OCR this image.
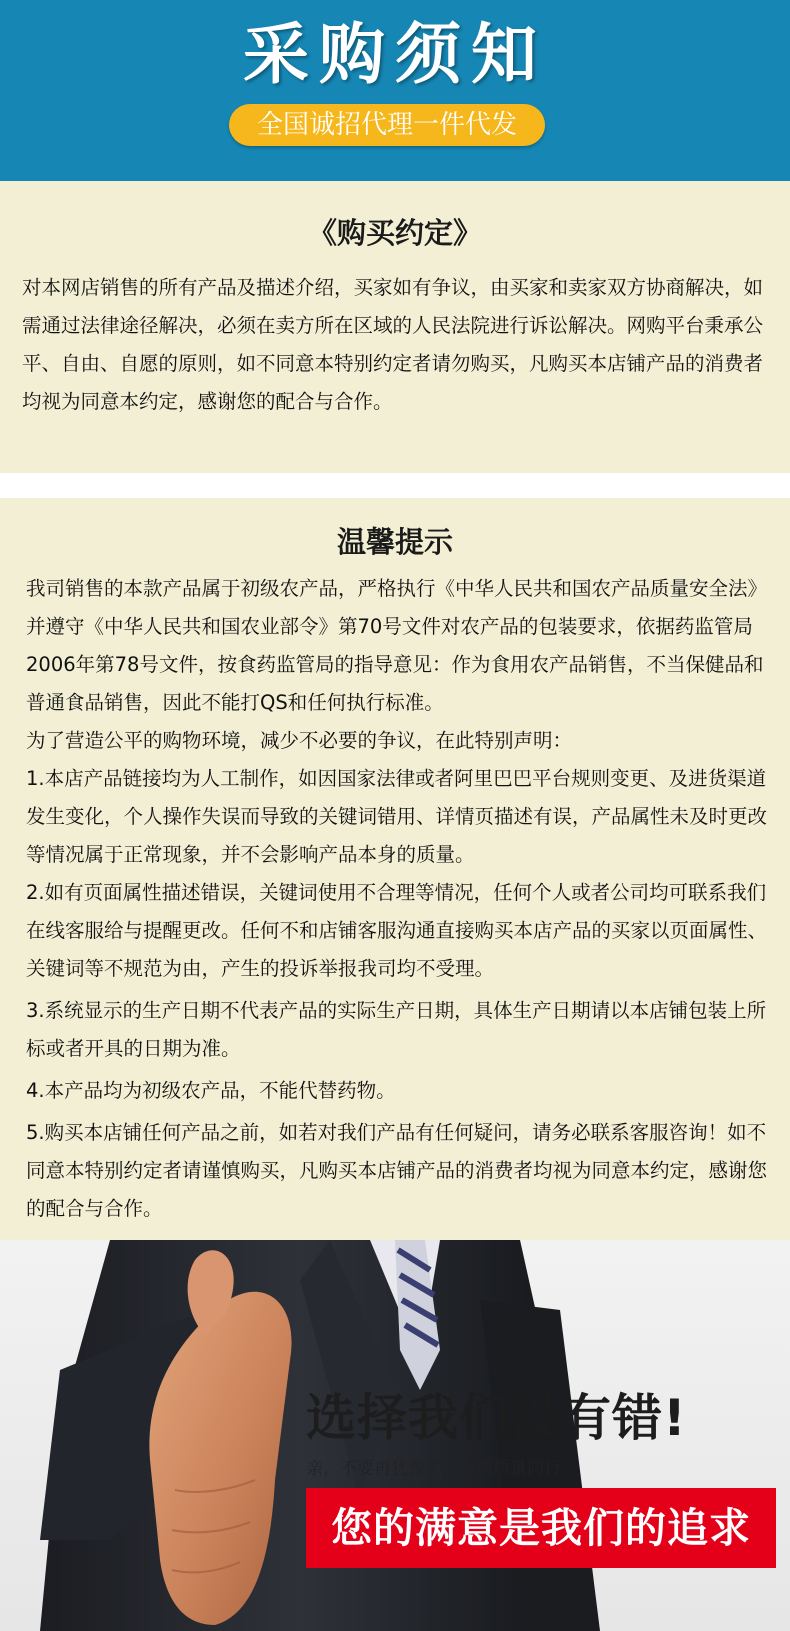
采购须知
全国诚招代理一件代发
《购买约定》
对本网店销售的所有产品及描述介绍，买家如有争议，由买家和卖家双方协商解决，如需通过法律途径解决，必须在卖方所在区域的人民法院进行诉讼解决。网购平台秉承公平、自由、自愿的原则，如不同意本特别约定者请勿购买，凡购买本店铺产品的消费者均视为同意本约定，感谢您的配合与合作。
温馨提示

我司销售的本款产品属于初级农产品，严格执行《中华人民共和国农产品质量安全法》并遵守《中华人民共和国农业部令》第70号文件对农产品的包装要求，依据药监管局2006年第78号文件，按食药监管局的指导意见：作为食用农产品销售，不当保健品和普通食品销售，因此不能打QS和任何执行标准。

为了营造公平的购物环境，减少不必要的争议，在此特别声明：

1.本店产品链接均为人工制作，如因国家法律或者阿里巴巴平台规则变更、及进货渠道发生变化，个人操作失误而导致的关键词错用、详情页描述有误，产品属性未及时更改等情况属于正常现象，并不会影响产品本身的质量。

2.如有页面属性描述错误，关键词使用不合理等情况，任何个人或者公司均可联系我们在线客服给与提醒更改。任何不和店铺客服沟通直接购买本店产品的买家以页面属性、关键词等不规范为由，产生的投诉举报我司均不受理。

3.系统显示的生产日期不代表产品的实际生产日期，具体生产日期请以本店铺包装上所标或者开具的日期为准。

4.本产品均为初级农产品，不能代替药物。

5.购买本店铺任何产品之前，如若对我们产品有任何疑问，请务必联系客服咨询！如不同意本特别约定者请谨慎购买，凡购买本店铺产品的消费者均视为同意本约定，感谢您的配合与合作。

选择我们没有错!
亲，不要再犹豫了，与高质量同行
您的满意是我们的追求
